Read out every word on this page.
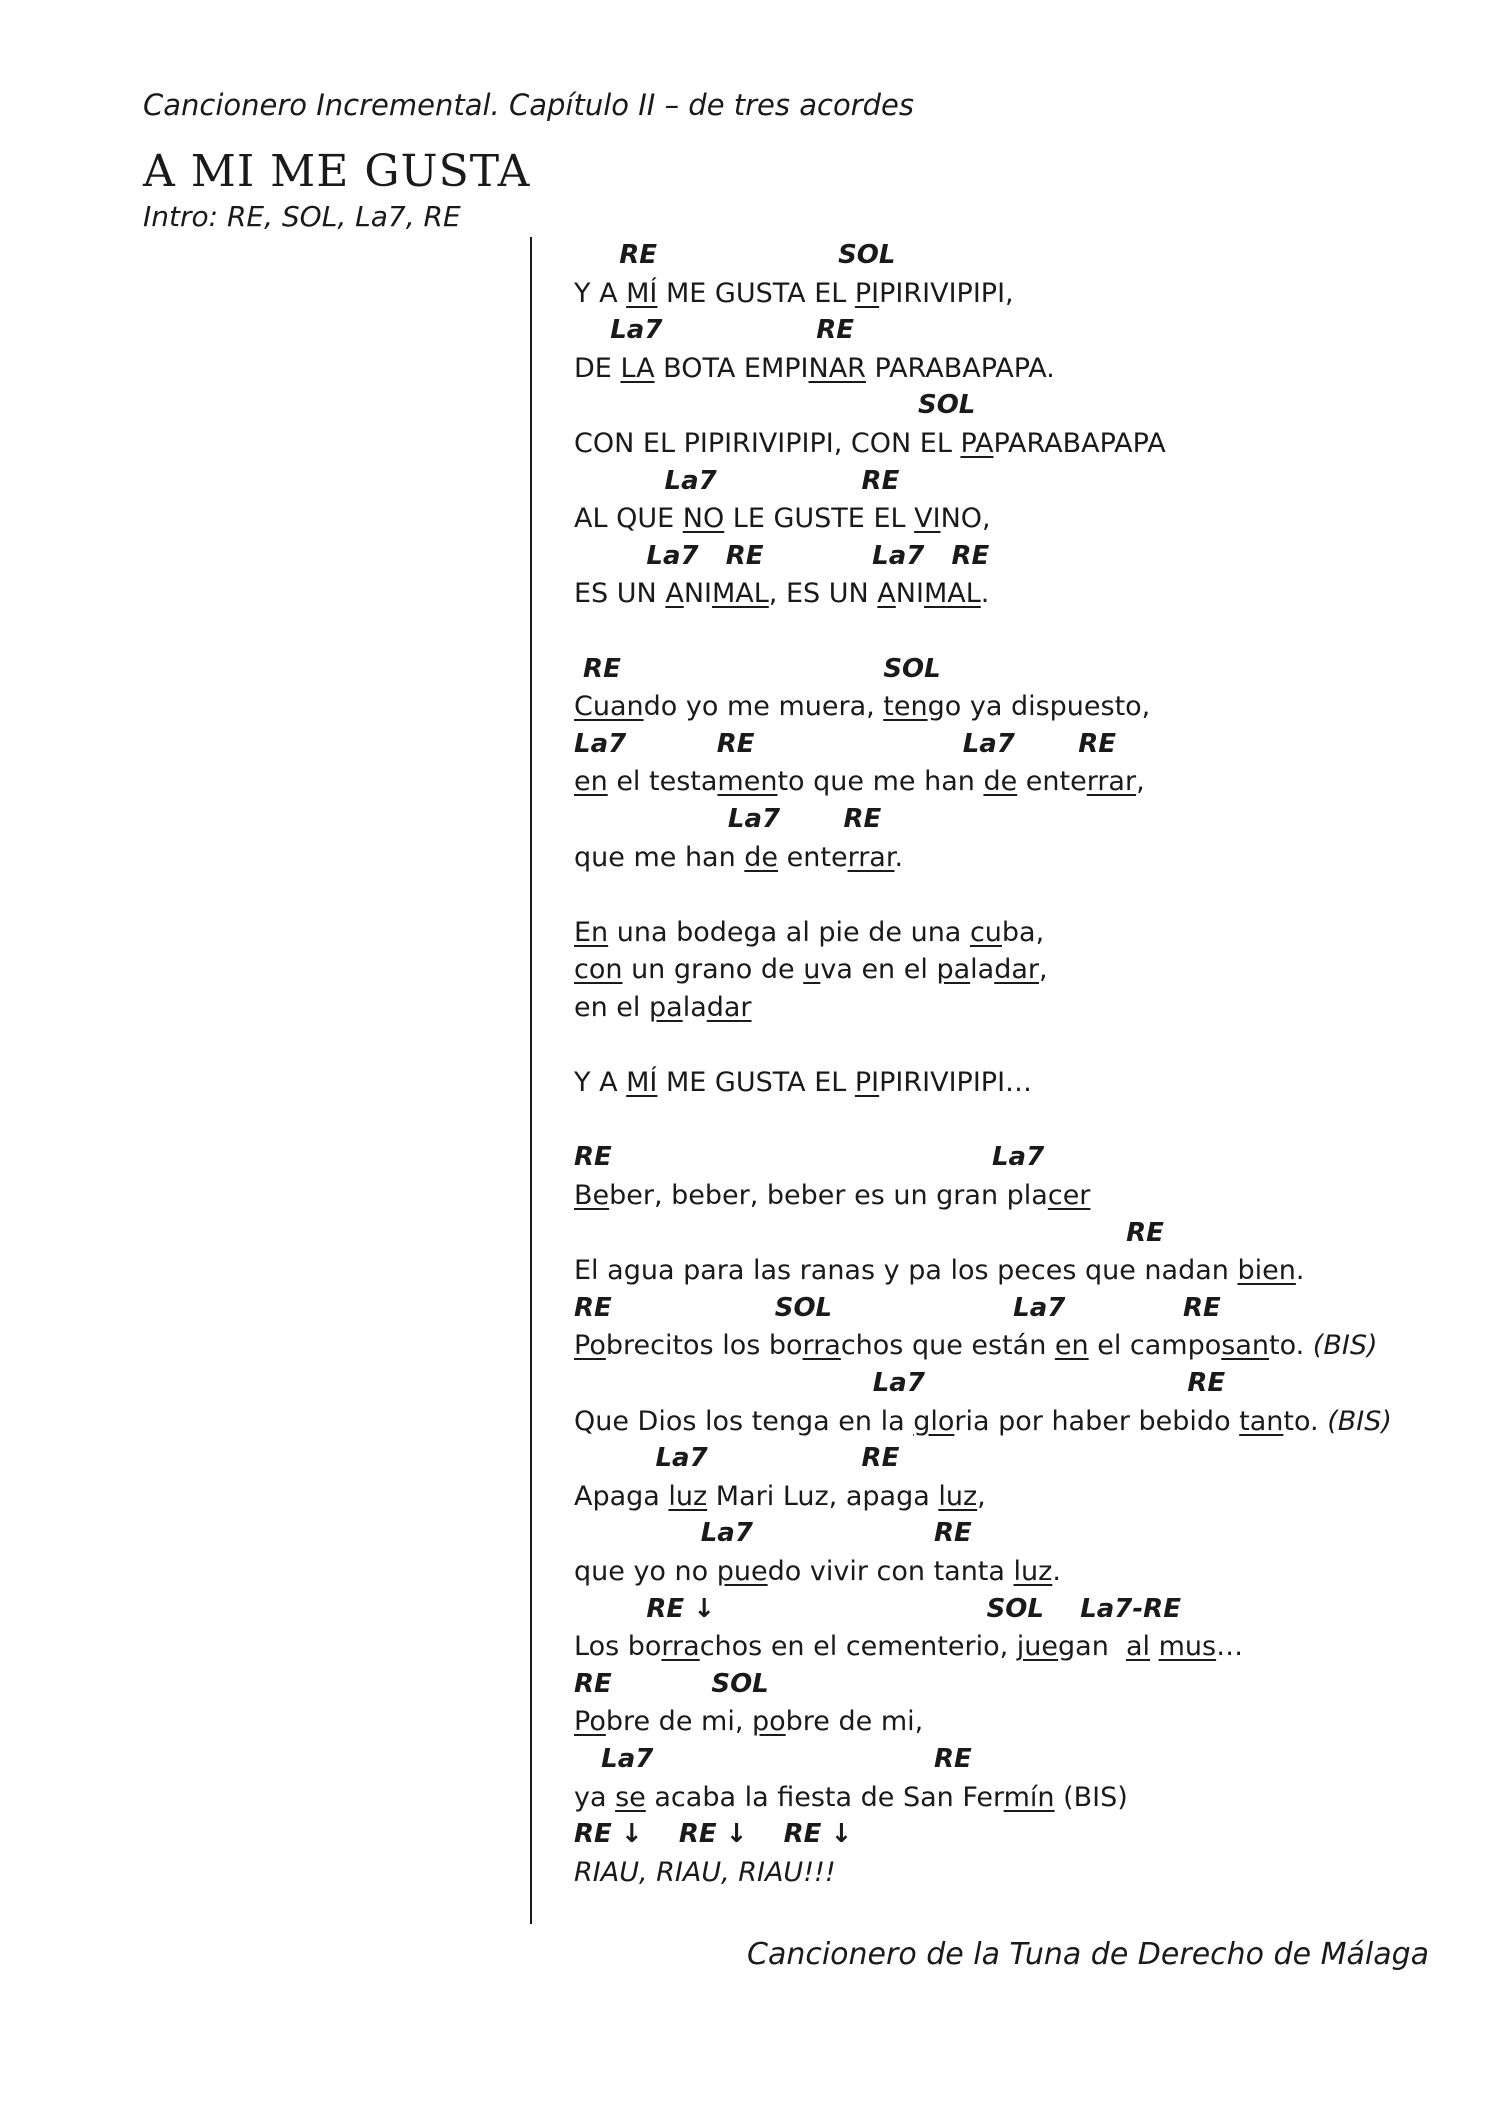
Cancionero Incremental. Capítulo II – de tres acordes
A MI ME GUSTA
Intro: RE, SOL, La7, RE
RE                    SOL
Y A MÍ ME GUSTA EL PIPIRIVIPIPI,
La7                 RE
DE LA BOTA EMPINAR PARABAPAPA.
SOL
CON EL PIPIRIVIPIPI, CON EL PAPARABAPAPA
La7                RE
AL QUE NO LE GUSTE EL VINO,
La7   RE            La7   RE
ES UN ANIMAL, ES UN ANIMAL.
RE                             SOL
Cuando yo me muera, tengo ya dispuesto,
La7          RE                       La7       RE
en el testamento que me han de enterrar,
La7       RE
que me han de enterrar.
En una bodega al pie de una cuba,
con un grano de uva en el paladar,
en el paladar
Y A MÍ ME GUSTA EL PIPIRIVIPIPI…
RE                                          La7
Beber, beber, beber es un gran placer
RE
El agua para las ranas y pa los peces que nadan bien.
RE                  SOL                    La7             RE
Pobrecitos los borrachos que están en el camposanto. (BIS)
La7                             RE
Que Dios los tenga en la gloria por haber bebido tanto. (BIS)
La7                 RE
Apaga luz Mari Luz, apaga luz,
La7                    RE
que yo no puedo vivir con tanta luz.
RE ↓                              SOL    La7-RE
Los borrachos en el cementerio, juegan  al mus…
RE           SOL
Pobre de mi, pobre de mi,
La7                               RE
ya se acaba la fiesta de San Fermín (BIS)
RE ↓    RE ↓    RE ↓
RIAU, RIAU, RIAU!!!
Cancionero de la Tuna de Derecho de Málaga
